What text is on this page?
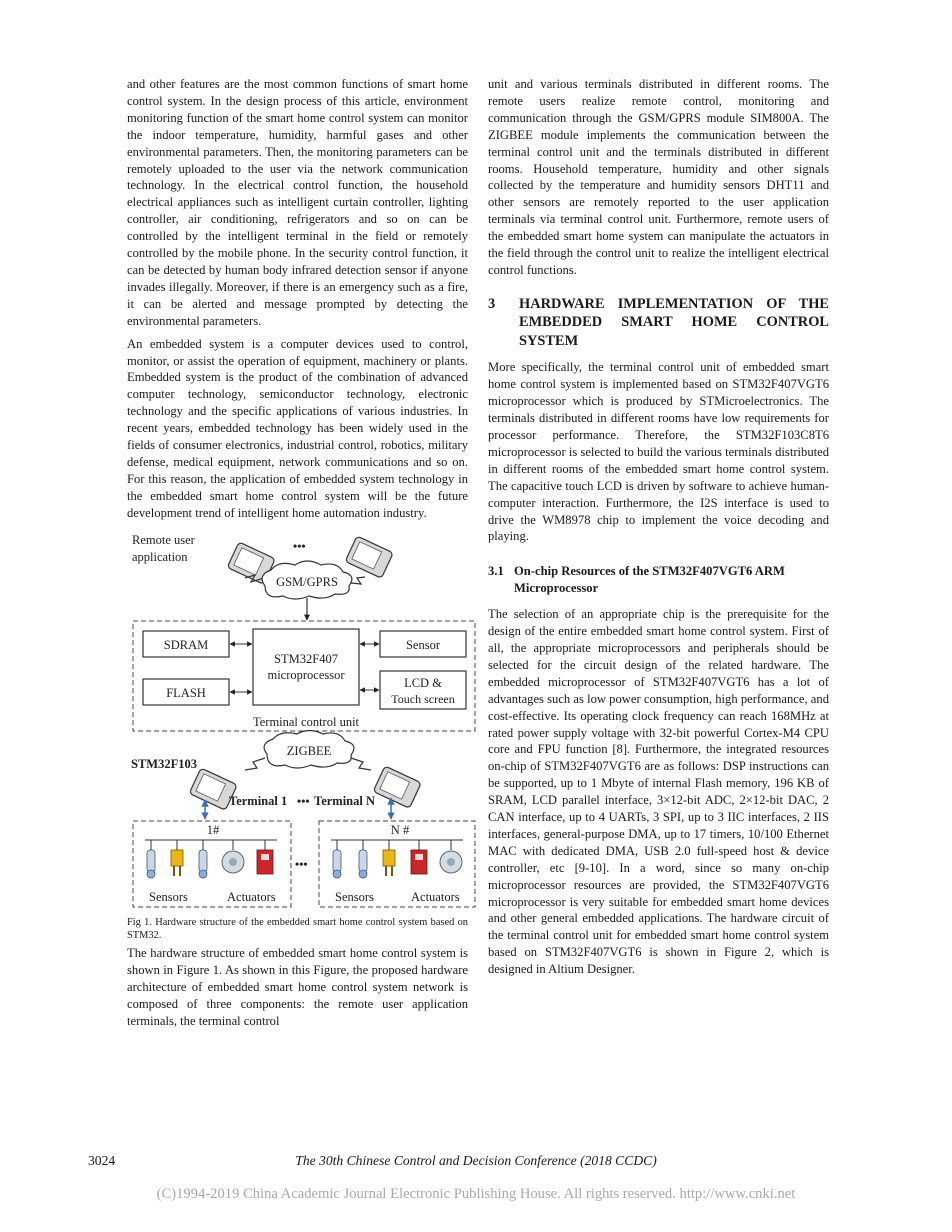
and other features are the most common functions of smart home control system. In the design process of this article, environment monitoring function of the smart home control system can monitor the indoor temperature, humidity, harmful gases and other environmental parameters. Then, the monitoring parameters can be remotely uploaded to the user via the network communication technology. In the electrical control function, the household electrical appliances such as intelligent curtain controller, lighting controller, air conditioning, refrigerators and so on can be controlled by the intelligent terminal in the field or remotely controlled by the mobile phone. In the security control function, it can be detected by human body infrared detection sensor if anyone invades illegally. Moreover, if there is an emergency such as a fire, it can be alerted and message prompted by detecting the environmental parameters.

An embedded system is a computer devices used to control, monitor, or assist the operation of equipment, machinery or plants. Embedded system is the product of the combination of advanced computer technology, semiconductor technology, electronic technology and the specific applications of various industries. In recent years, embedded technology has been widely used in the fields of consumer electronics, industrial control, robotics, military defense, medical equipment, network communications and so on. For this reason, the application of embedded system technology in the embedded smart home control system will be the future development trend of intelligent home automation industry.

Remote user
application
•••
GSM/GPRS
SDRAM
FLASH
STM32F407
microprocessor
Sensor
LCD &
Touch screen
Terminal control unit
ZIGBEE
STM32F103
Terminal 1 ••• Terminal N
1#
Sensors	Actuators
•••
N #
Sensors	Actuators

Fig 1. Hardware structure of the embedded smart home control system based on STM32.

The hardware structure of embedded smart home control system is shown in Figure 1. As shown in this Figure, the proposed hardware architecture of embedded smart home control system network is composed of three components: the remote user application terminals, the terminal control

unit and various terminals distributed in different rooms. The remote users realize remote control, monitoring and communication through the GSM/GPRS module SIM800A. The ZIGBEE module implements the communication between the terminal control unit and the terminals distributed in different rooms. Household temperature, humidity and other signals collected by the temperature and humidity sensors DHT11 and other sensors are remotely reported to the user application terminals via terminal control unit. Furthermore, remote users of the embedded smart home system can manipulate the actuators in the field through the control unit to realize the intelligent electrical control functions.

3	HARDWARE IMPLEMENTATION OF THE EMBEDDED SMART HOME CONTROL SYSTEM

More specifically, the terminal control unit of embedded smart home control system is implemented based on STM32F407VGT6 microprocessor which is produced by STMicroelectronics. The terminals distributed in different rooms have low requirements for processor performance. Therefore, the STM32F103C8T6 microprocessor is selected to build the various terminals distributed in different rooms of the embedded smart home control system. The capacitive touch LCD is driven by software to achieve human-computer interaction. Furthermore, the I2S interface is used to drive the WM8978 chip to implement the voice decoding and playing.

3.1 On-chip Resources of the STM32F407VGT6 ARM Microprocessor

The selection of an appropriate chip is the prerequisite for the design of the entire embedded smart home control system. First of all, the appropriate microprocessors and peripherals should be selected for the circuit design of the related hardware. The embedded microprocessor of STM32F407VGT6 has a lot of advantages such as low power consumption, high performance, and cost-effective. Its operating clock frequency can reach 168MHz at rated power supply voltage with 32-bit powerful Cortex-M4 CPU core and FPU function [8]. Furthermore, the integrated resources on-chip of STM32F407VGT6 are as follows: DSP instructions can be supported, up to 1 Mbyte of internal Flash memory, 196 KB of SRAM, LCD parallel interface, 3×12-bit ADC, 2×12-bit DAC, 2 CAN interface, up to 4 UARTs, 3 SPI, up to 3 IIC interfaces, 2 IIS interfaces, general-purpose DMA, up to 17 timers, 10/100 Ethernet MAC with dedicated DMA, USB 2.0 full-speed host & device controller, etc [9-10]. In a word, since so many on-chip microprocessor resources are provided, the STM32F407VGT6 microprocessor is very suitable for embedded smart home devices and other general embedded applications. The hardware circuit of the terminal control unit for embedded smart home control system based on STM32F407VGT6 is shown in Figure 2, which is designed in Altium Designer.

3024	The 30th Chinese Control and Decision Conference (2018 CCDC)
(C)1994-2019 China Academic Journal Electronic Publishing House. All rights reserved. http://www.cnki.net
